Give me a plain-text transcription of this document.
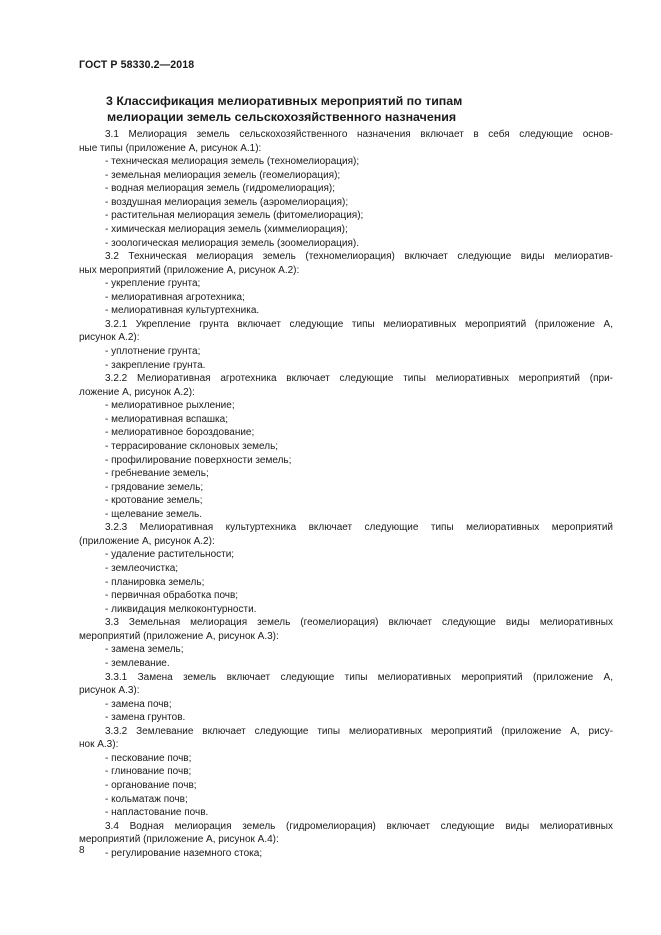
ГОСТ Р 58330.2—2018
3 Классификация мелиоративных мероприятий по типам
мелиорации земель сельскохозяйственного назначения

3.1 Мелиорация земель сельскохозяйственного назначения включает в себя следующие основ-

ные типы (приложение А, рисунок А.1):

- техническая мелиорация земель (техномелиорация);

- земельная мелиорация земель (геомелиорация);

- водная мелиорация земель (гидромелиорация);

- воздушная мелиорация земель (аэромелиорация);

- растительная мелиорация земель (фитомелиорация);

- химическая мелиорация земель (химмелиорация);

- зоологическая мелиорация земель (зоомелиорация).

3.2 Техническая мелиорация земель (техномелиорация) включает следующие виды мелиоратив-

ных мероприятий (приложение А, рисунок А.2):

- укрепление грунта;

- мелиоративная агротехника;

- мелиоративная культуртехника.

3.2.1 Укрепление грунта включает следующие типы мелиоративных мероприятий (приложение А,

рисунок А.2):

- уплотнение грунта;

- закрепление грунта.

3.2.2 Мелиоративная агротехника включает следующие типы мелиоративных мероприятий (при-

ложение А, рисунок А.2):

- мелиоративное рыхление;

- мелиоративная вспашка;

- мелиоративное бороздование;

- террасирование склоновых земель;

- профилирование поверхности земель;

- гребневание земель;

- грядование земель;

- кротование земель;

- щелевание земель.

3.2.3 Мелиоративная культуртехника включает следующие типы мелиоративных мероприятий

(приложение А, рисунок А.2):

- удаление растительности;

- землеочистка;

- планировка земель;

- первичная обработка почв;

- ликвидация мелкоконтурности.

3.3 Земельная мелиорация земель (геомелиорация) включает следующие виды мелиоративных

мероприятий (приложение А, рисунок А.3):

- замена земель;

- землевание.

3.3.1 Замена земель включает следующие типы мелиоративных мероприятий (приложение А,

рисунок А.3):

- замена почв;

- замена грунтов.

3.3.2 Землевание включает следующие типы мелиоративных мероприятий (приложение А, рису-

нок А.3):

- пескование почв;

- глинование почв;

- органование почв;

- кольматаж почв;

- напластование почв.

3.4 Водная мелиорация земель (гидромелиорация) включает следующие виды мелиоративных

мероприятий (приложение А, рисунок А.4):

- регулирование наземного стока;

8
